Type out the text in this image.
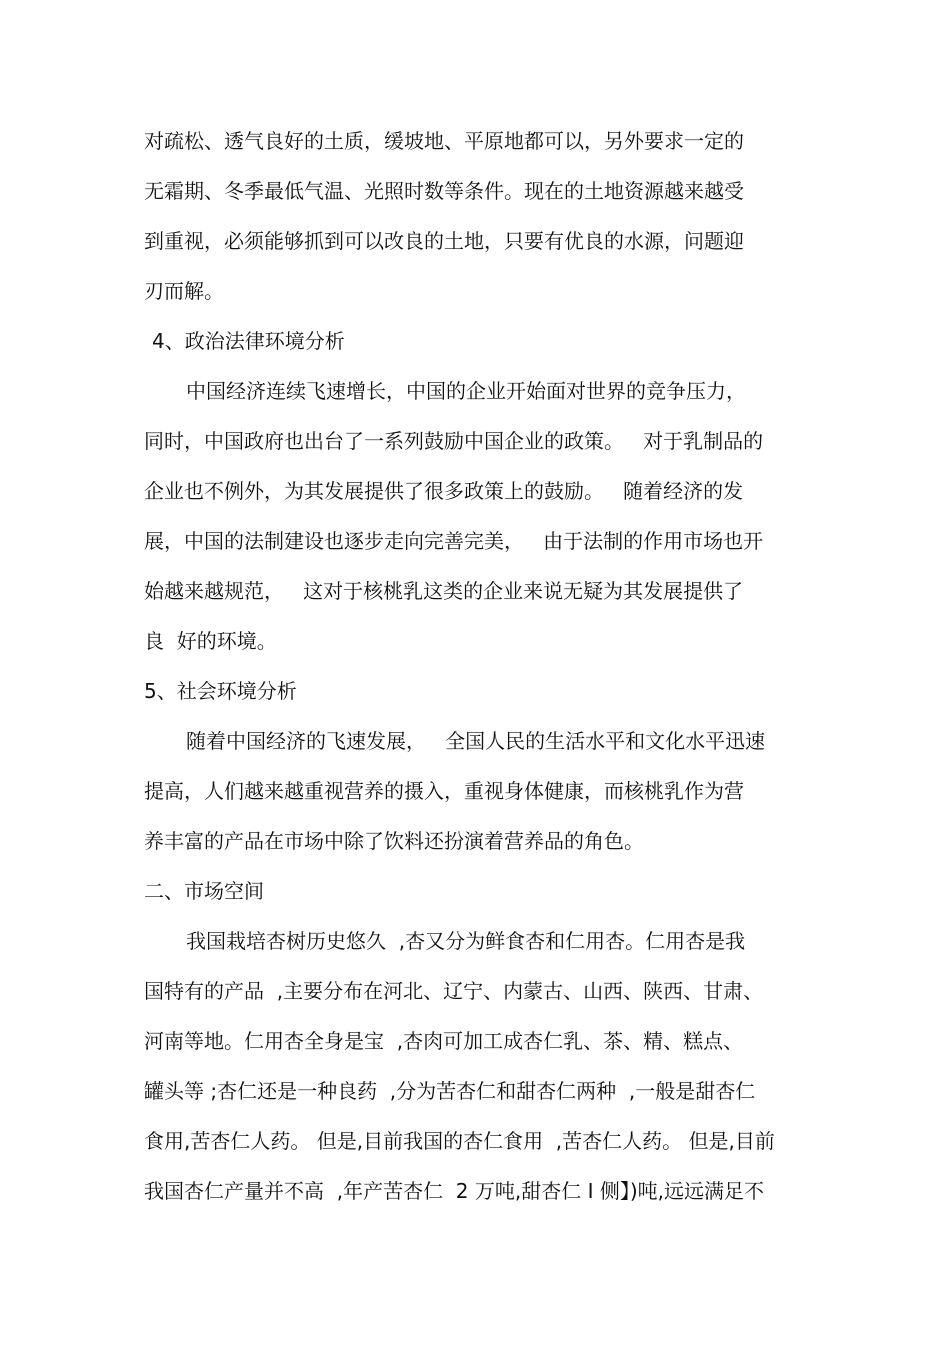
对疏松、透气良好的土质，缓坡地、平原地都可以，另外要求一定的
无霜期、冬季最低气温、光照时数等条件。现在的土地资源越来越受
到重视，必须能够抓到可以改良的土地，只要有优良的水源，问题迎
刃而解。
4、政治法律环境分析
中国经济连续飞速增长，中国的企业开始面对世界的竞争压力，
同时，中国政府也出台了一系列鼓励中国企业的政策。   对于乳制品的
企业也不例外，为其发展提供了很多政策上的鼓励。   随着经济的发
展，中国的法制建设也逐步走向完善完美，   由于法制的作用市场也开
始越来越规范，   这对于核桃乳这类的企业来说无疑为其发展提供了
良  好的环境。
5、社会环境分析
随着中国经济的飞速发展，   全国人民的生活水平和文化水平迅速
提高，人们越来越重视营养的摄入，重视身体健康，而核桃乳作为营
养丰富的产品在市场中除了饮料还扮演着营养品的角色。
二、市场空间
我国栽培杏树历史悠久  ,杏又分为鲜食杏和仁用杏。仁用杏是我
国特有的产品  ,主要分布在河北、辽宁、内蒙古、山西、陕西、甘肃、
河南等地。仁用杏全身是宝  ,杏肉可加工成杏仁乳、茶、精、糕点、
罐头等 ;杏仁还是一种良药  ,分为苦杏仁和甜杏仁两种  ,一般是甜杏仁
食用,苦杏仁人药。 但是,目前我国的杏仁食用  ,苦杏仁人药。 但是,目前
我国杏仁产量并不高  ,年产苦杏仁  2 万吨,甜杏仁 I 侧】)吨,远远满足不
